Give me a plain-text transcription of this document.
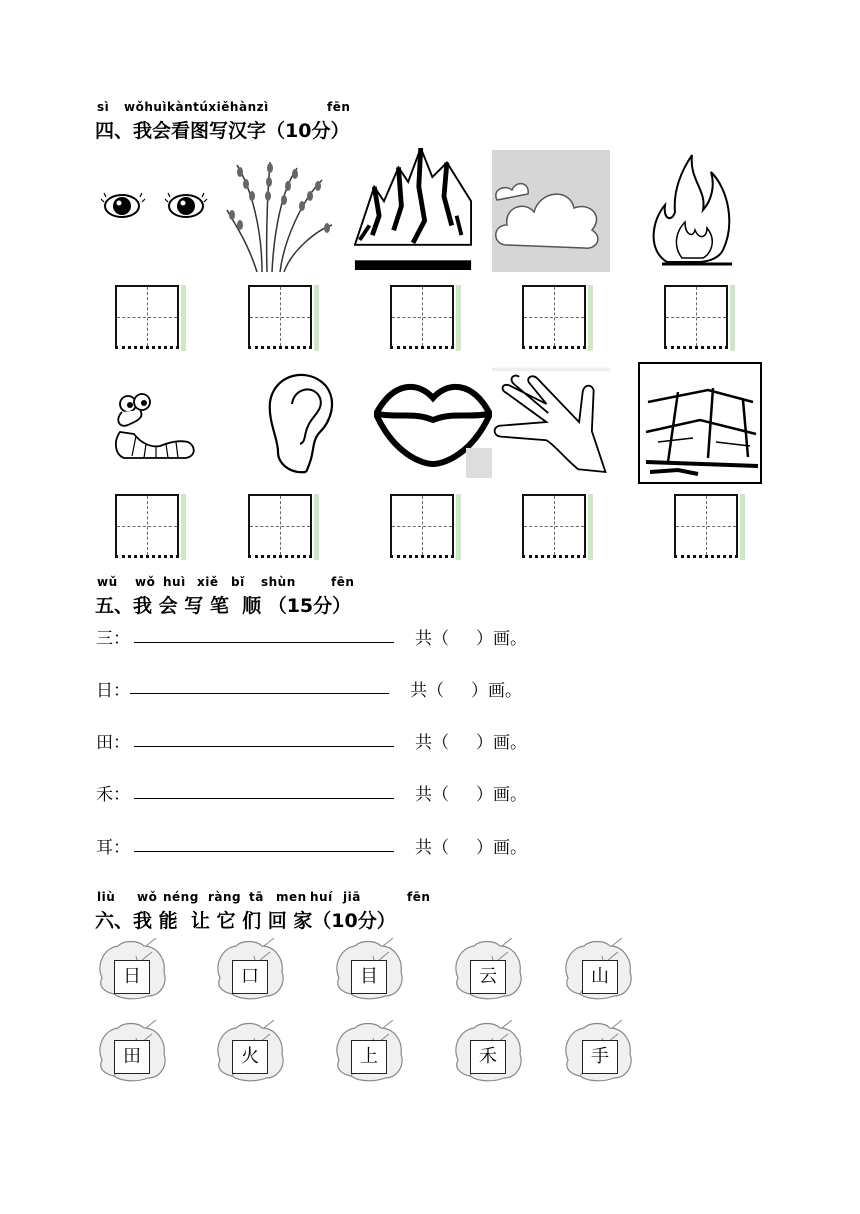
sì wǒhuìkàntúxiěhànzì	fēn
四、我会看图写汉字（10分）
wǔ wǒ huì xiě bǐ shùn	fēn
五、我 会 写 笔  顺 （15分）
三：	共（     ）画。
日：	共（     ）画。
田：	共（     ）画。
禾：	共（     ）画。
耳：	共（     ）画。
liù wǒ néng ràng tā men huí jiā	fēn
六、我 能  让 它 们 回 家（10分）
日	口	目	云	山
田	火	上	禾	手
